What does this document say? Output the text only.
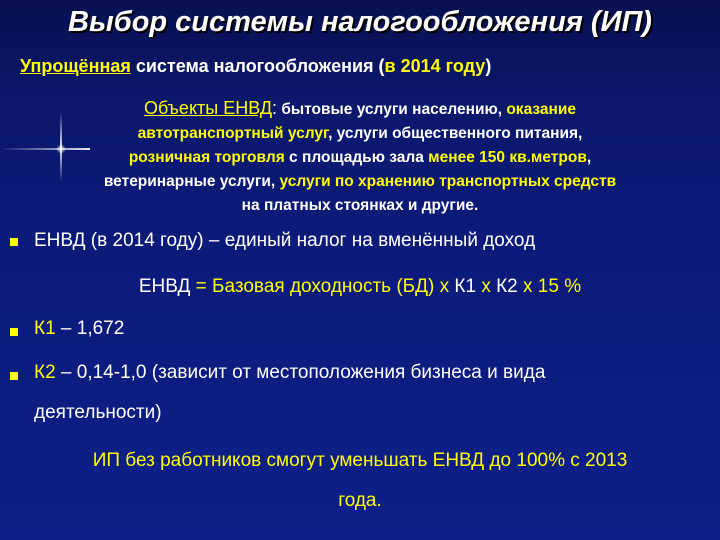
Выбор системы налогообложения (ИП)
Упрощённая система налогообложения (в 2014 году)
Объекты ЕНВД: бытовые услуги населению, оказание
автотранспортный услуг, услуги общественного питания,
розничная торговля с площадью зала менее 150 кв.метров,
ветеринарные услуги, услуги по хранению транспортных средств
на платных стоянках и другие.
ЕНВД (в 2014 году) – единый налог на вменённый доход
ЕНВД = Базовая доходность (БД) х К1 х К2 х 15 %
К1 – 1,672
К2 – 0,14-1,0 (зависит от местоположения бизнеса и вида
деятельности)
ИП без работников смогут уменьшать ЕНВД до 100% с 2013
года.
